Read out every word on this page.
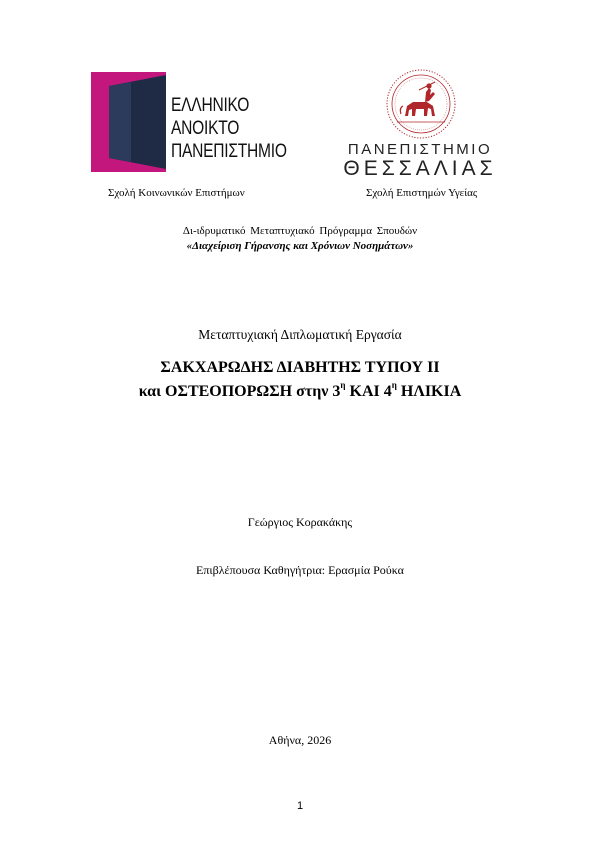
ΕΛΛΗΝΙΚΟ
ΑΝΟΙΚΤΟ
ΠΑΝΕΠΙΣΤΗΜΙΟ	ΠΑΝΕΠΙΣΤΗΜΙΟ
ΘΕΣΣΑΛΙΑΣ
Σχολή Κοινωνικών Επιστήμων	Σχολή Επιστημών Υγείας
Δι-ιδρυματικό Μεταπτυχιακό Πρόγραμμα Σπουδών
«Διαχείριση Γήρανσης και Χρόνιων Νοσημάτων»
Μεταπτυχιακή Διπλωματική Εργασία
ΣΑΚΧΑΡΩΔΗΣ ΔΙΑΒΗΤΗΣ ΤΥΠΟΥ ΙΙ
και ΟΣΤΕΟΠΟΡΩΣΗ στην $3^\eta$ ΚΑΙ $4^\eta$ ΗΛΙΚΙΑ
Γεώργιος Κορακάκης
Επιβλέπουσα Καθηγήτρια: Ερασμία Ρούκα
Αθήνα, 2026
1
